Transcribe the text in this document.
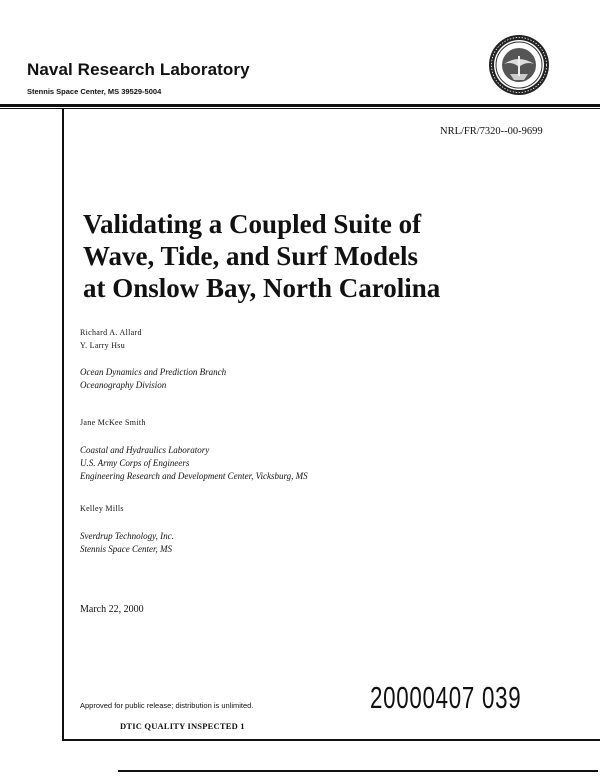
Naval Research Laboratory
Stennis Space Center, MS 39529-5004
NRL/FR/7320--00-9699
Validating a Coupled Suite of
Wave, Tide, and Surf Models
at Onslow Bay, North Carolina
Richard A. Allard
Y. Larry Hsu
Ocean Dynamics and Prediction Branch
Oceanography Division
Jane McKee Smith
Coastal and Hydraulics Laboratory
U.S. Army Corps of Engineers
Engineering Research and Development Center, Vicksburg, MS
Kelley Mills
Sverdrup Technology, Inc.
Stennis Space Center, MS
March 22, 2000
Approved for public release; distribution is unlimited.
DTIC QUALITY INSPECTED 1
20000407 039
